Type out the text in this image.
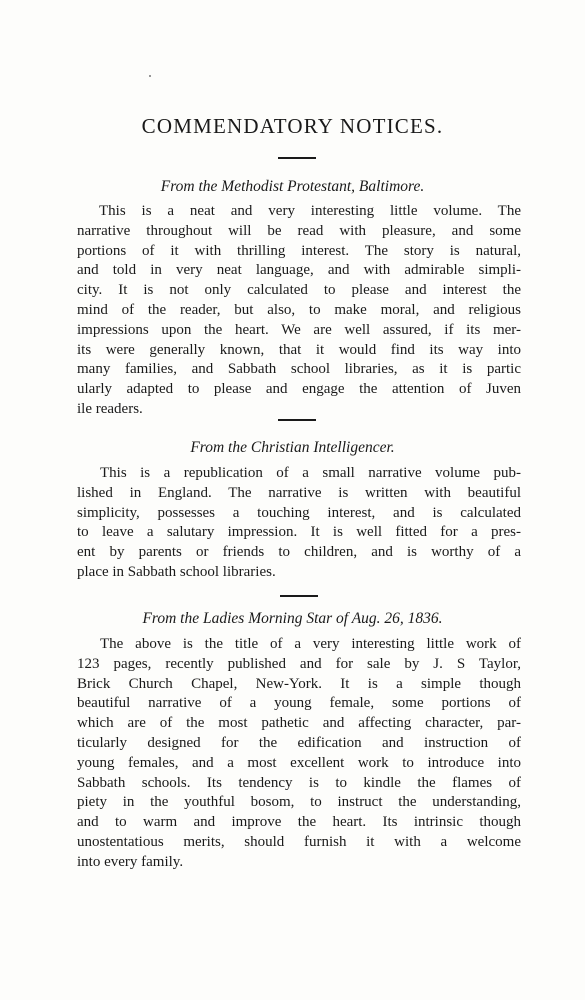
COMMENDATORY NOTICES.
From the Methodist Protestant, Baltimore.
This is a neat and very interesting little volume. The
narrative throughout will be read with pleasure, and some
portions of it with thrilling interest. The story is natural,
and told in very neat language, and with admirable simpli-
city. It is not only calculated to please and interest the
mind of the reader, but also, to make moral, and religious
impressions upon the heart. We are well assured, if its mer-
its were generally known, that it would find its way into
many families, and Sabbath school libraries, as it is partic
ularly adapted to please and engage the attention of Juven
ile readers.
From the Christian Intelligencer.
This is a republication of a small narrative volume pub-
lished in England. The narrative is written with beautiful
simplicity, possesses a touching interest, and is calculated
to leave a salutary impression. It is well fitted for a pres-
ent by parents or friends to children, and is worthy of a
place in Sabbath school libraries.
From the Ladies Morning Star of Aug. 26, 1836.
The above is the title of a very interesting little work of
123 pages, recently published and for sale by J. S Taylor,
Brick Church Chapel, New-York. It is a simple though
beautiful narrative of a young female, some portions of
which are of the most pathetic and affecting character, par-
ticularly designed for the edification and instruction of
young females, and a most excellent work to introduce into
Sabbath schools. Its tendency is to kindle the flames of
piety in the youthful bosom, to instruct the understanding,
and to warm and improve the heart. Its intrinsic though
unostentatious merits, should furnish it with a welcome
into every family.
